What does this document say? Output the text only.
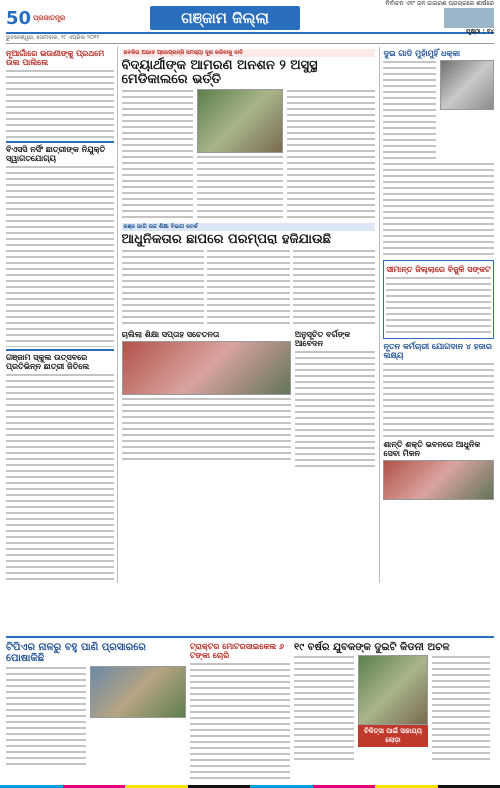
50 ପ୍ରଜାତନ୍ତ୍ର	ଗଞ୍ଜାମ ଜିଲ୍ଲା
ନିର୍ବାଚନ ଏବଂ ଜନ ଜାଗରଣ ପ୍ରଚାରରେ ଶୀର୍ଷରେ
ପୃଷ୍ଠା : ୧୪
ଭୁବନେଶ୍ୱର, ସୋମବାର, ୨୮ ଏପ୍ରିଲ ୨୦୨୨
ନୂଆଗାଁରେ ଭଉଣୀଙ୍କୁ ପ୍ରଥମେ ଉଲ ପାଲିଲେ
ବିଏସସି ନର୍ସିଂ ଛାତ୍ରୀଙ୍କ ନିଯୁକ୍ତି ସ୍ୱାଗତଯୋଗ୍ୟ
ଗଞ୍ଜାମ ସ୍କୁଲ ଉତ୍ସବରେ ପ୍ରତିଭିନ୍ନ ଛାତ୍ରୀ ଜିତିଲେ
ଜବକିତା ଅଭାବ ପ୍ରେଗ୍ନାନ୍ସି ସମସ୍ୟା ଦୂର କରିବାକୁ ଦାବି
ବିଦ୍ୟାର୍ଥୀଙ୍କ ଆମରଣ ଅନଶନ ୨ ଅସୁସ୍ଥ ମେଡିକାଲରେ ଭର୍ତ୍ତି
ରଞ୍ଜ ଭାଗି ଉଚ୍ଚ ଶିକ୍ଷା ବିଭାଗ ସତର୍କ
ଆଧୁନିକତାର ଛାପରେ ପରମ୍ପରା ହଜିଯାଉଛି
ଚାଲିଲା ଶିକ୍ଷା ସପ୍ତାହ ସଚେତନତା	ଅନୁସୂଚିତ ବର୍ଗଙ୍କ ଆବେଦନ
ଦୁଇ ଗାଡି ମୁହାଁମୁହିଁ ଧକ୍କା
ସୀମାନ୍ତ ଜିଲ୍ଲାରେ ବିଜୁଳି ସଙ୍କଟ
ନୂତନ କର୍ମଚାରୀ ଯୋଗଦାନ ୪ ହଜାର ଲକ୍ଷ୍ୟ
ଶାନ୍ତି ଶକ୍ତି ଭବନରେ ଆଧୁନିକ ସେବା ମିଳନ
ଟିପିଏର ନାଳରୁ ବହୁ ପାଣି ପ୍ରସାରରେ ପୋଷାକିଛି
ଟ୍ରାକ୍ଟର ମୋଟରସାଇକେଲ ୬ ଟଙ୍କା ଚୋରି
୧୯ ବର୍ଷର ଯୁବକଙ୍କ ଦୁଇଟି କିଡନୀ ଅଚଳ
ଚିକିତ୍ସା ପାଇଁ ସାହାଯ୍ୟ ଲୋଡ଼ା
